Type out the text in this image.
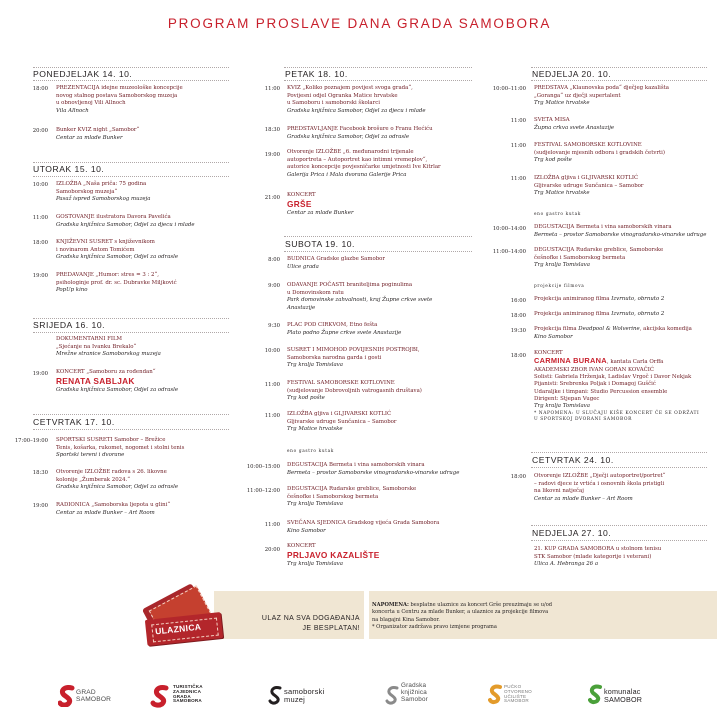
PROGRAM PROSLAVE DANA GRADA SAMOBORA
PONEDJELJAK 14. 10.
18:00 PREZENTACIJA idejne muzeološke koncepcije
novog stalnog postava Samoborskog muzeja
u obnovljenoj Vili Allnoch
Vila Allnoch
20:00 Bunker KVIZ night „Samobor“
Centar za mlade Bunker
UTORAK 15. 10.
10:00 IZLOŽBA „Naša priča: 75 godina
Samoborskog muzeja“
Pasaž ispred Samoborskog muzeja
11:00 GOSTOVANJE ilustratora Davora Pavelića
Gradska knjižnica Samobor, Odjel za djecu i mlade
18:00 KNJIŽEVNI SUSRET s književnikom
i novinarom Antom Tomićem
Gradska knjižnica Samobor, Odjel za odrasle
19:00 PREDAVANJE „Humor: stres = 3 : 2“,
psihologinje prof. dr. sc. Dubravke Miljković
PopUp kino
SRIJEDA 16. 10.
DOKUMENTARNI FILM
„Sjećanje na Ivanku Brekalo“
Mrežne stranice Samoborskog muzeja
19:00 KONCERT „Samoboru za rođendan“
RENATA SABLJAK
Gradska knjižnica Samobor, Odjel za odrasle
CETVRTAK 17. 10.
17:00–19:00 SPORTSKI SUSRETI Samobor – Brežice
Tenis, košarka, rukomet, nogomet i stolni tenis
Sportski tereni i dvorane
18:30 Otvorenje IZLOŽBE radova s 26. likovne
kolonije „Žumberak 2024.“
Gradska knjižnica Samobor, Odjel za odrasle
19:00 RADIONICA „Samoborska ljepota u glini“
Centar za mlade Bunker – Art Room
PETAK 18. 10.
11:00 KVIZ „Koliko poznajem povijest svoga grada“,
Povijesni odjel Ogranka Matice hrvatske
u Samoboru i samoborski školarci
Gradska knjižnica Samobor, Odjel za djecu i mlade
18:30 PREDSTAVLJANJE Facebook brošure o Franu Hećiću
Gradska knjižnica Samobor, Odjel za odrasle
19:00 Otvorenje IZLOŽBE „6. međunarodni trijenale
autoportreta – Autoportret kao intimni vremeplov“,
autorice koncepcije povjesničarke umjetnosti Ive Kitrlar
Galerija Prica i Mala dvorana Galerije Prica
21:00 KONCERT
GRŠE
Centar za mlade Bunker
SUBOTA 19. 10.
8:00 BUDNICA Gradske glazbe Samobor
Ulice grada
9:00 ODAVANJE POČASTI braniteljima poginulima
u Domovinskom ratu
Park domovinske zahvalnosti, kraj Župne crkve svete
Anastazije
9:30 PLAC POD CIRKVOM, Etno fešta
Plato podno Župne crkve svete Anastazije
10:00 SUSRET I MIMOHOD POVIJESNIH POSTROJBI,
Samoborska narodna garda i gosti
Trg kralja Tomislava
11:00 FESTIVAL SAMOBORSKE KOTLOVINE
(sudjelovanje Dobrovoljnih vatrogasnih društava)
Trg kod pošte
11:00 IZLOŽBA gljiva i GLJIVARSKI KOTLIĆ
Gljivarske udruge Sunčanica – Samobor
Trg Matice hrvatske
eno gastro kutak
10:00–15:00 DEGUSTACIJA Bermeta i vina samoborskih vinara
Bermeta – prostor Samoborske vinogradarsko-vinarske udruge
11:00–12:00 DEGUSTACIJA Rudarske greblice, Samoborske
češnofke i Samoborskog bermeta
Trg kralja Tomislava
11:00 SVEČANA SJEDNICA Gradskog vijeća Grada Samobora
Kino Samobor
20:00
KONCERT
PRLJAVO KAZALIŠTE
Trg kralja Tomislava
NEDJELJA 20. 10.
10:00–11:00 PREDSTAVA „Klaunovska poda“ dječjeg kazališta
„Goranga“ uz dječji supertalent
Trg Matice hrvatske
11:00 SVETA MISA
Župna crkva svete Anastazije
11:00 FESTIVAL SAMOBORSKE KOTLOVINE
(sudjelovanje mjesnih odbora i gradskih četvrti)
Trg kod pošte
11:00 IZLOŽBA gljiva i GLJIVARSKI KOTLIĆ
Gljivarske udruge Sunčanica – Samobor
Trg Matice hrvatske
eno gastro kutak
10:00–14:00 DEGUSTACIJA Bermeta i vina samoborskih vinara
Bermeta – prostor Samoborske vinogradarsko-vinarske udruge
11:00–14:00 DEGUSTACIJA Rudarske greblice, Samoborske
češnofke i Samoborskog bermeta
Trg kralja Tomislava
projekcije filmova
16:00 Projekcija animiranog filma Izvrnuto, obrnuto 2
18:00 Projekcija animiranog filma Izvrnuto, obrnuto 2
19:30 Projekcija filma Deadpool & Wolverine, akcijska komedija
Kino Samobor
18:00 KONCERT
CARMINA BURANA, kantata Carla Orffa
AKADEMSKI ZBOR IVAN GORAN KOVAČIĆ
Solisti: Gabriela Hrženjak, Ladislav Vrgoč i Davor Nekjak
Pijanisti: Srebrenka Poljak i Domagoj Guščić
Udaraljke i timpani: Studio Percussion ensemble
Dirigent: Stjepan Vugec
Trg kralja Tomislava
* NAPOMENA: U SLUČAJU KIŠE KONCERT ĆE SE ODRŽATI
U SPORTSKOJ DVORANI SAMOBOR
CETVRTAK 24. 10.
18:00 Otvorenje IZLOŽBE „Dječji autoportret/portret“
– radovi djece iz vrtića i osnovnih škola pristigli
na likovni natječaj
Centar za mlade Bunker – Art Room
NEDJELJA 27. 10.
21. KUP GRADA SAMOBORA u stolnom tenisu
STK Samobor (mlade kategorije i veterani)
Ulica A. Hebranga 26 a
ULAZNICA
ULAZ NA SVA DOGAĐANJA
JE BESPLATAN!
NAPOMENA: besplatne ulaznice za koncert Grše preuzimaju se u/od
koncerta u Centru za mlade Bunker, a ulaznice za projekcije filmova
na blagajni Kina Samobor.
* Organizator zadržava pravo izmjene programa
GRAD
SAMOBOR
TURISTIČKA
ZAJEDNICA
GRADA
SAMOBORA
samoborski
muzej
Gradska
knjižnica
Samobor
PUČKO
OTVORENO
UČILIŠTE
SAMOBOR
komunalac
SAMOBOR
